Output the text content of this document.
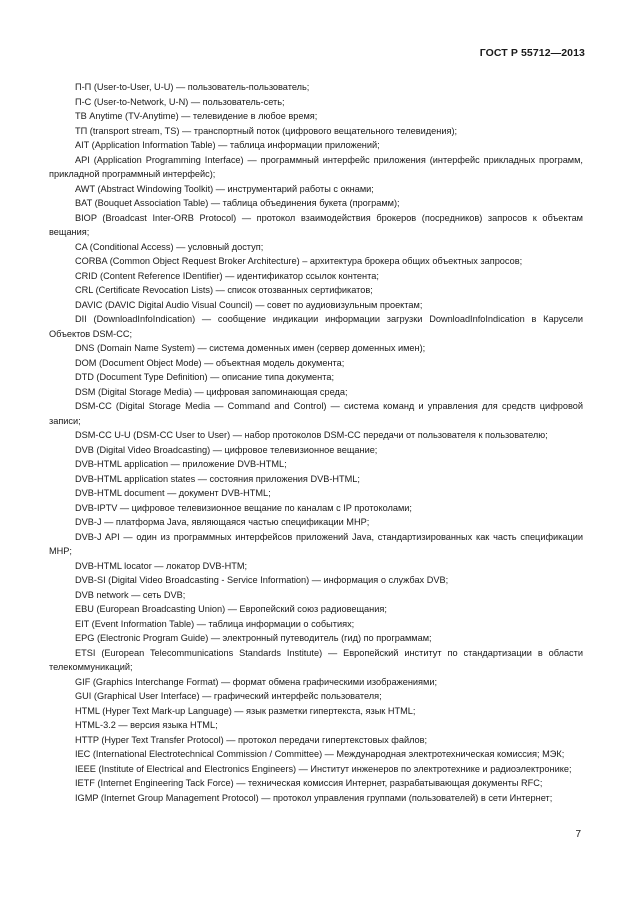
ГОСТ Р 55712—2013
П-П (User-to-User, U-U) — пользователь-пользователь;
П-С (User-to-Network, U-N) — пользователь-сеть;
ТВ Anytime (TV-Anytime) — телевидение в любое время;
ТП (transport stream, TS) — транспортный поток (цифрового вещательного телевидения);
AIT (Application Information Table) — таблица информации приложений;
API (Application Programming Interface) — программный интерфейс приложения (интерфейс прикладных программ, прикладной программный интерфейс);
AWT (Abstract Windowing Toolkit) — инструментарий работы с окнами;
BAT (Bouquet Association Table) — таблица объединения букета (программ);
BIOP (Broadcast Inter-ORB Protocol) — протокол взаимодействия брокеров (посредников) запросов к объектам вещания;
CA (Conditional Access) — условный доступ;
CORBA (Common Object Request Broker Architecture) – архитектура брокера общих объектных запросов;
CRID (Content Reference IDentifier) — идентификатор ссылок контента;
CRL (Certificate Revocation Lists) — список отозванных сертификатов;
DAVIC (DAVIC Digital Audio Visual Council) — совет по аудиовизульным проектам;
DII (DownloadInfoIndication) — сообщение индикации информации загрузки DownloadInfoIndication в Карусели Объектов DSM-CC;
DNS (Domain Name System) — система доменных имен (сервер доменных имен);
DOM (Document Object Mode) — объектная модель документа;
DTD (Document Type Definition) — описание типа документа;
DSM (Digital Storage Media) — цифровая запоминающая среда;
DSM-CC (Digital Storage Media — Command and Control) — система команд и управления для средств цифровой записи;
DSM-CC U-U (DSM-CC User to User) — набор протоколов DSM-CC передачи от пользователя к пользователю;
DVB (Digital Video Broadcasting) — цифровое телевизионное вещание;
DVB-HTML application — приложение DVB-HTML;
DVB-HTML application states — состояния приложения DVB-HTML;
DVB-HTML document — документ DVB-HTML;
DVB-IPTV — цифровое телевизионное вещание по каналам с IP протоколами;
DVB-J — платформа Java, являющаяся частью спецификации MHP;
DVB-J API — один из программных интерфейсов приложений Java, стандартизированных как часть спецификации MHP;
DVB-HTML locator — локатор DVB-HTM;
DVB-SI (Digital Video Broadcasting - Service Information) — информация о службах DVB;
DVB network — сеть DVB;
EBU (European Broadcasting Union) — Европейский союз радиовещания;
EIT (Event Information Table) — таблица информации о событиях;
EPG (Electronic Program Guide) — электронный путеводитель (гид) по программам;
ETSI (European Telecommunications Standards Institute) — Европейский институт по стандартизации в области телекоммуникаций;
GIF (Graphics Interchange Format) — формат обмена графическими изображениями;
GUI (Graphical User Interface) — графический интерфейс пользователя;
HTML (Hyper Text Mark-up Language) — язык разметки гипертекста, язык HTML;
HTML-3.2 — версия языка HTML;
HTTP (Hyper Text Transfer Protocol) — протокол передачи гипертекстовых файлов;
IEC (International Electrotechnical Commission / Committee) — Международная электротехническая комиссия; МЭК;
IEEE (Institute of Electrical and Electronics Engineers) — Институт инженеров по электротехнике и радиоэлектронике;
IETF (Internet Engineering Tack Force) — техническая комиссия Интернет, разрабатывающая документы RFC;
IGMP (Internet Group Management Protocol) — протокол управления группами (пользователей) в сети Интернет;
7
